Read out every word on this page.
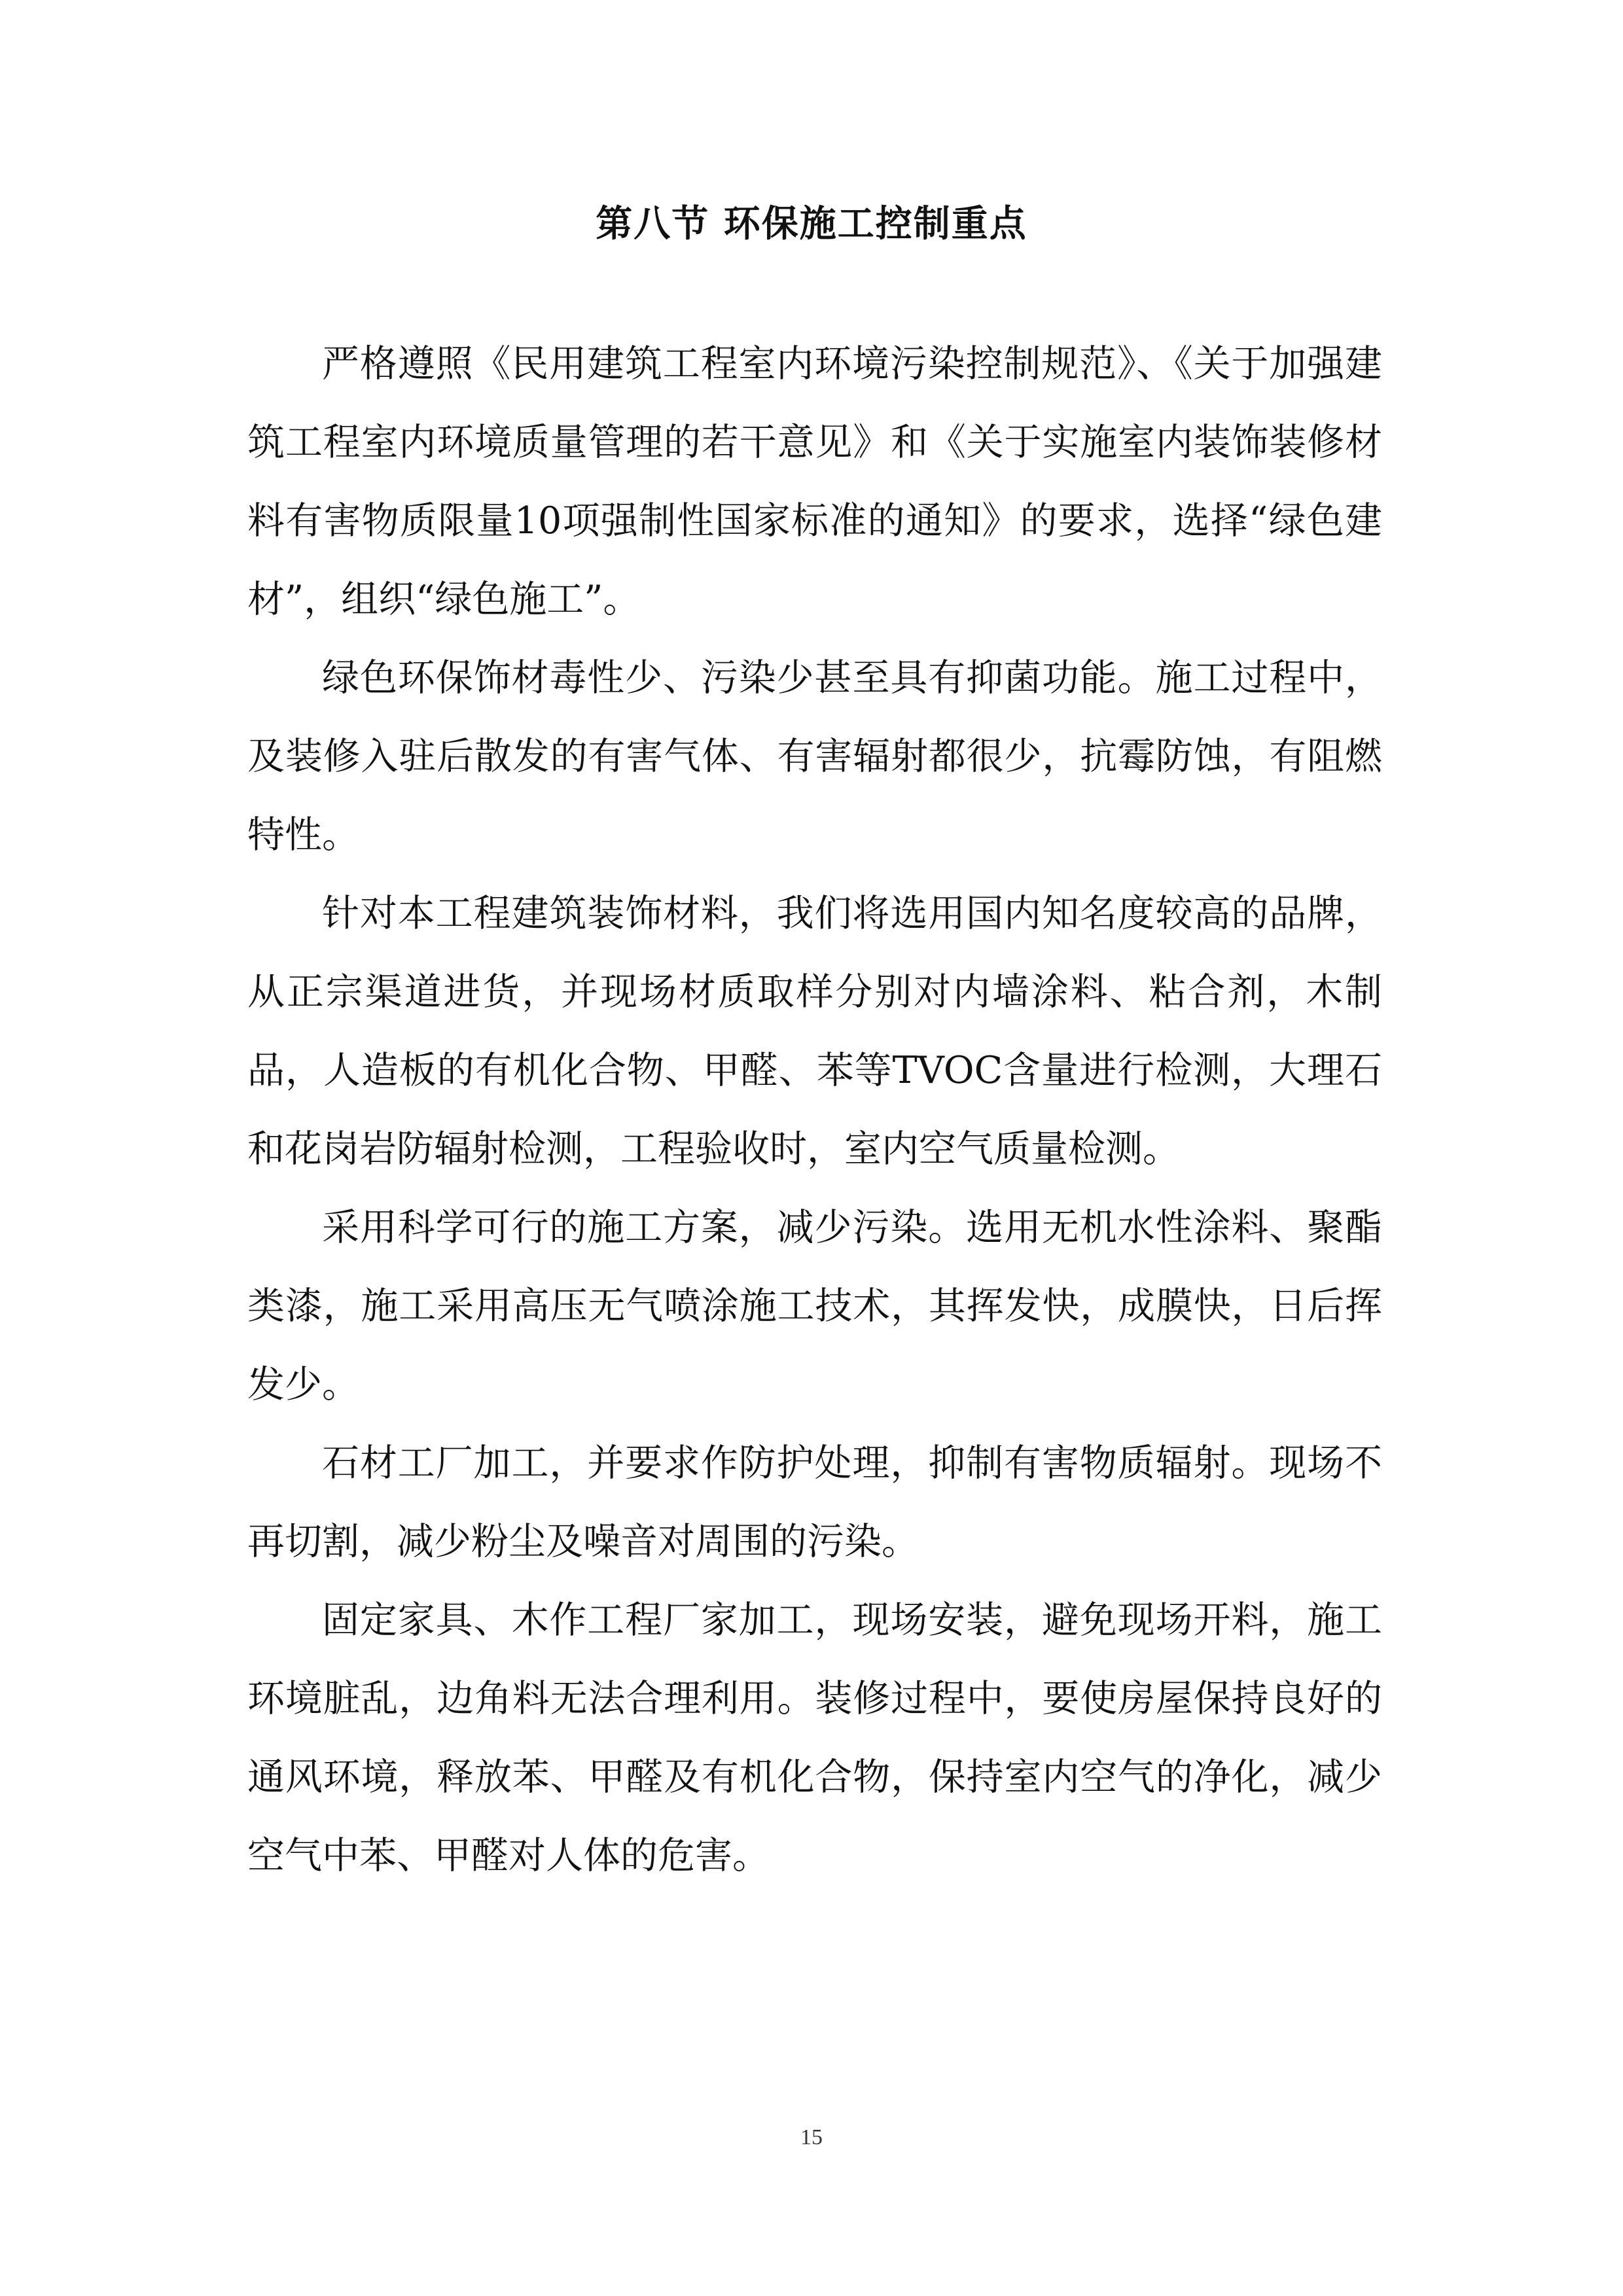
第八节 环保施工控制重点

严格遵照《民用建筑工程室内环境污染控制规范》、《关于加强建筑工程室内环境质量管理的若干意见》和《关于实施室内装饰装修材料有害物质限量10项强制性国家标准的通知》的要求，选择“绿色建材”，组织“绿色施工”。

绿色环保饰材毒性少、污染少甚至具有抑菌功能。施工过程中，及装修入驻后散发的有害气体、有害辐射都很少，抗霉防蚀，有阻燃特性。

针对本工程建筑装饰材料，我们将选用国内知名度较高的品牌，从正宗渠道进货，并现场材质取样分别对内墙涂料、粘合剂，木制品，人造板的有机化合物、甲醛、苯等TVOC含量进行检测，大理石和花岗岩防辐射检测，工程验收时，室内空气质量检测。

采用科学可行的施工方案，减少污染。选用无机水性涂料、聚酯类漆，施工采用高压无气喷涂施工技术，其挥发快，成膜快，日后挥发少。

石材工厂加工，并要求作防护处理，抑制有害物质辐射。现场不再切割，减少粉尘及噪音对周围的污染。

固定家具、木作工程厂家加工，现场安装，避免现场开料，施工环境脏乱，边角料无法合理利用。装修过程中，要使房屋保持良好的通风环境，释放苯、甲醛及有机化合物，保持室内空气的净化，减少空气中苯、甲醛对人体的危害。

15
